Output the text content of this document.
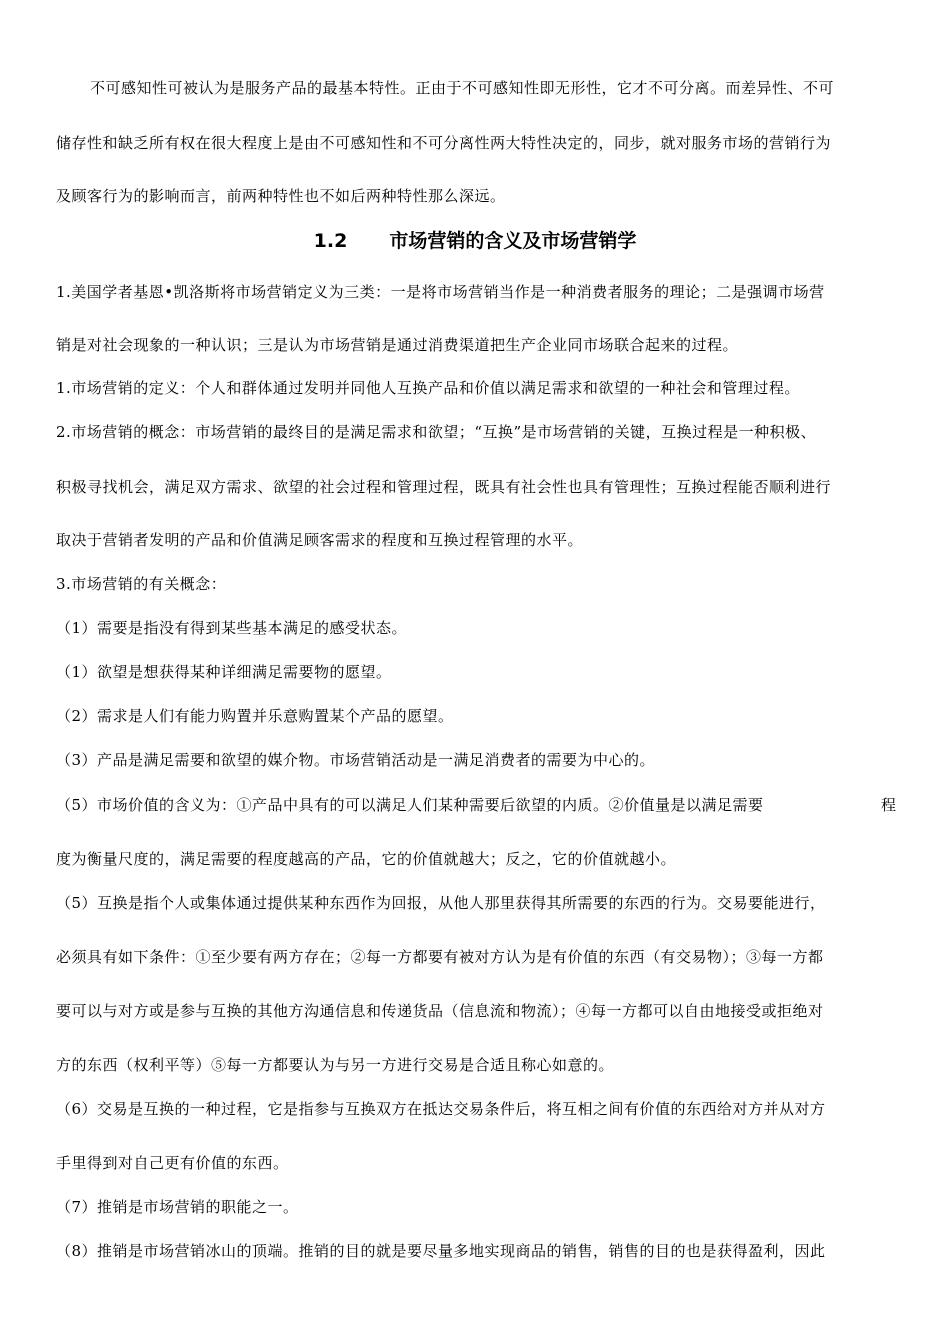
不可感知性可被认为是服务产品的最基本特性。正由于不可感知性即无形性，它才不可分离。而差异性、不可
储存性和缺乏所有权在很大程度上是由不可感知性和不可分离性两大特性决定的，同步，就对服务市场的营销行为
及顾客行为的影响而言，前两种特性也不如后两种特性那么深远。
1.2 市场营销的含义及市场营销学
1.美国学者基恩•凯洛斯将市场营销定义为三类：一是将市场营销当作是一种消费者服务的理论；二是强调市场营
销是对社会现象的一种认识；三是认为市场营销是通过消费渠道把生产企业同市场联合起来的过程。
1.市场营销的定义：个人和群体通过发明并同他人互换产品和价值以满足需求和欲望的一种社会和管理过程。
2.市场营销的概念：市场营销的最终目的是满足需求和欲望；“互换”是市场营销的关键，互换过程是一种积极、
积极寻找机会，满足双方需求、欲望的社会过程和管理过程，既具有社会性也具有管理性；互换过程能否顺利进行
取决于营销者发明的产品和价值满足顾客需求的程度和互换过程管理的水平。
3.市场营销的有关概念：
（1）需要是指没有得到某些基本满足的感受状态。
（1）欲望是想获得某种详细满足需要物的愿望。
（2）需求是人们有能力购置并乐意购置某个产品的愿望。
（3）产品是满足需要和欲望的媒介物。市场营销活动是一满足消费者的需要为中心的。
（5）市场价值的含义为：①产品中具有的可以满足人们某种需要后欲望的内质。②价值量是以满足需要	程
度为衡量尺度的，满足需要的程度越高的产品，它的价值就越大；反之，它的价值就越小。
（5）互换是指个人或集体通过提供某种东西作为回报，从他人那里获得其所需要的东西的行为。交易要能进行，
必须具有如下条件：①至少要有两方存在；②每一方都要有被对方认为是有价值的东西（有交易物）；③每一方都
要可以与对方或是参与互换的其他方沟通信息和传递货品（信息流和物流）；④每一方都可以自由地接受或拒绝对
方的东西（权利平等）⑤每一方都要认为与另一方进行交易是合适且称心如意的。
（6）交易是互换的一种过程，它是指参与互换双方在抵达交易条件后，将互相之间有价值的东西给对方并从对方
手里得到对自己更有价值的东西。
（7）推销是市场营销的职能之一。
（8）推销是市场营销冰山的顶端。推销的目的就是要尽量多地实现商品的销售，销售的目的也是获得盈利，因此
